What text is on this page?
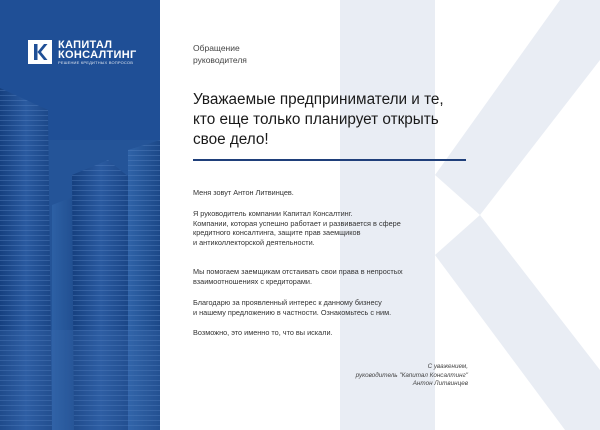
КАПИТАЛ
КОНСАЛТИНГ
РЕШЕНИЕ КРЕДИТНЫХ ВОПРОСОВ
Обращение
руководителя
Уважаемые предприниматели и те,
кто еще только планирует открыть
свое дело!
Меня зовут Антон Литвинцев.
Я руководитель компании Капитал Консалтинг.
Компании, которая успешно работает и развивается в сфере
кредитного консалтинга, защите прав заемщиков
и антиколлекторской деятельности.
Мы помогаем заемщикам отстаивать свои права в непростых
взаимоотношениях с кредиторами.
Благодарю за проявленный интерес к данному бизнесу
и нашему предложению в частности. Ознакомьтесь с ним.
Возможно, это именно то, что вы искали.
С уважением,
руководитель "Капитал Консалтинг"
Антон Литвинцев
